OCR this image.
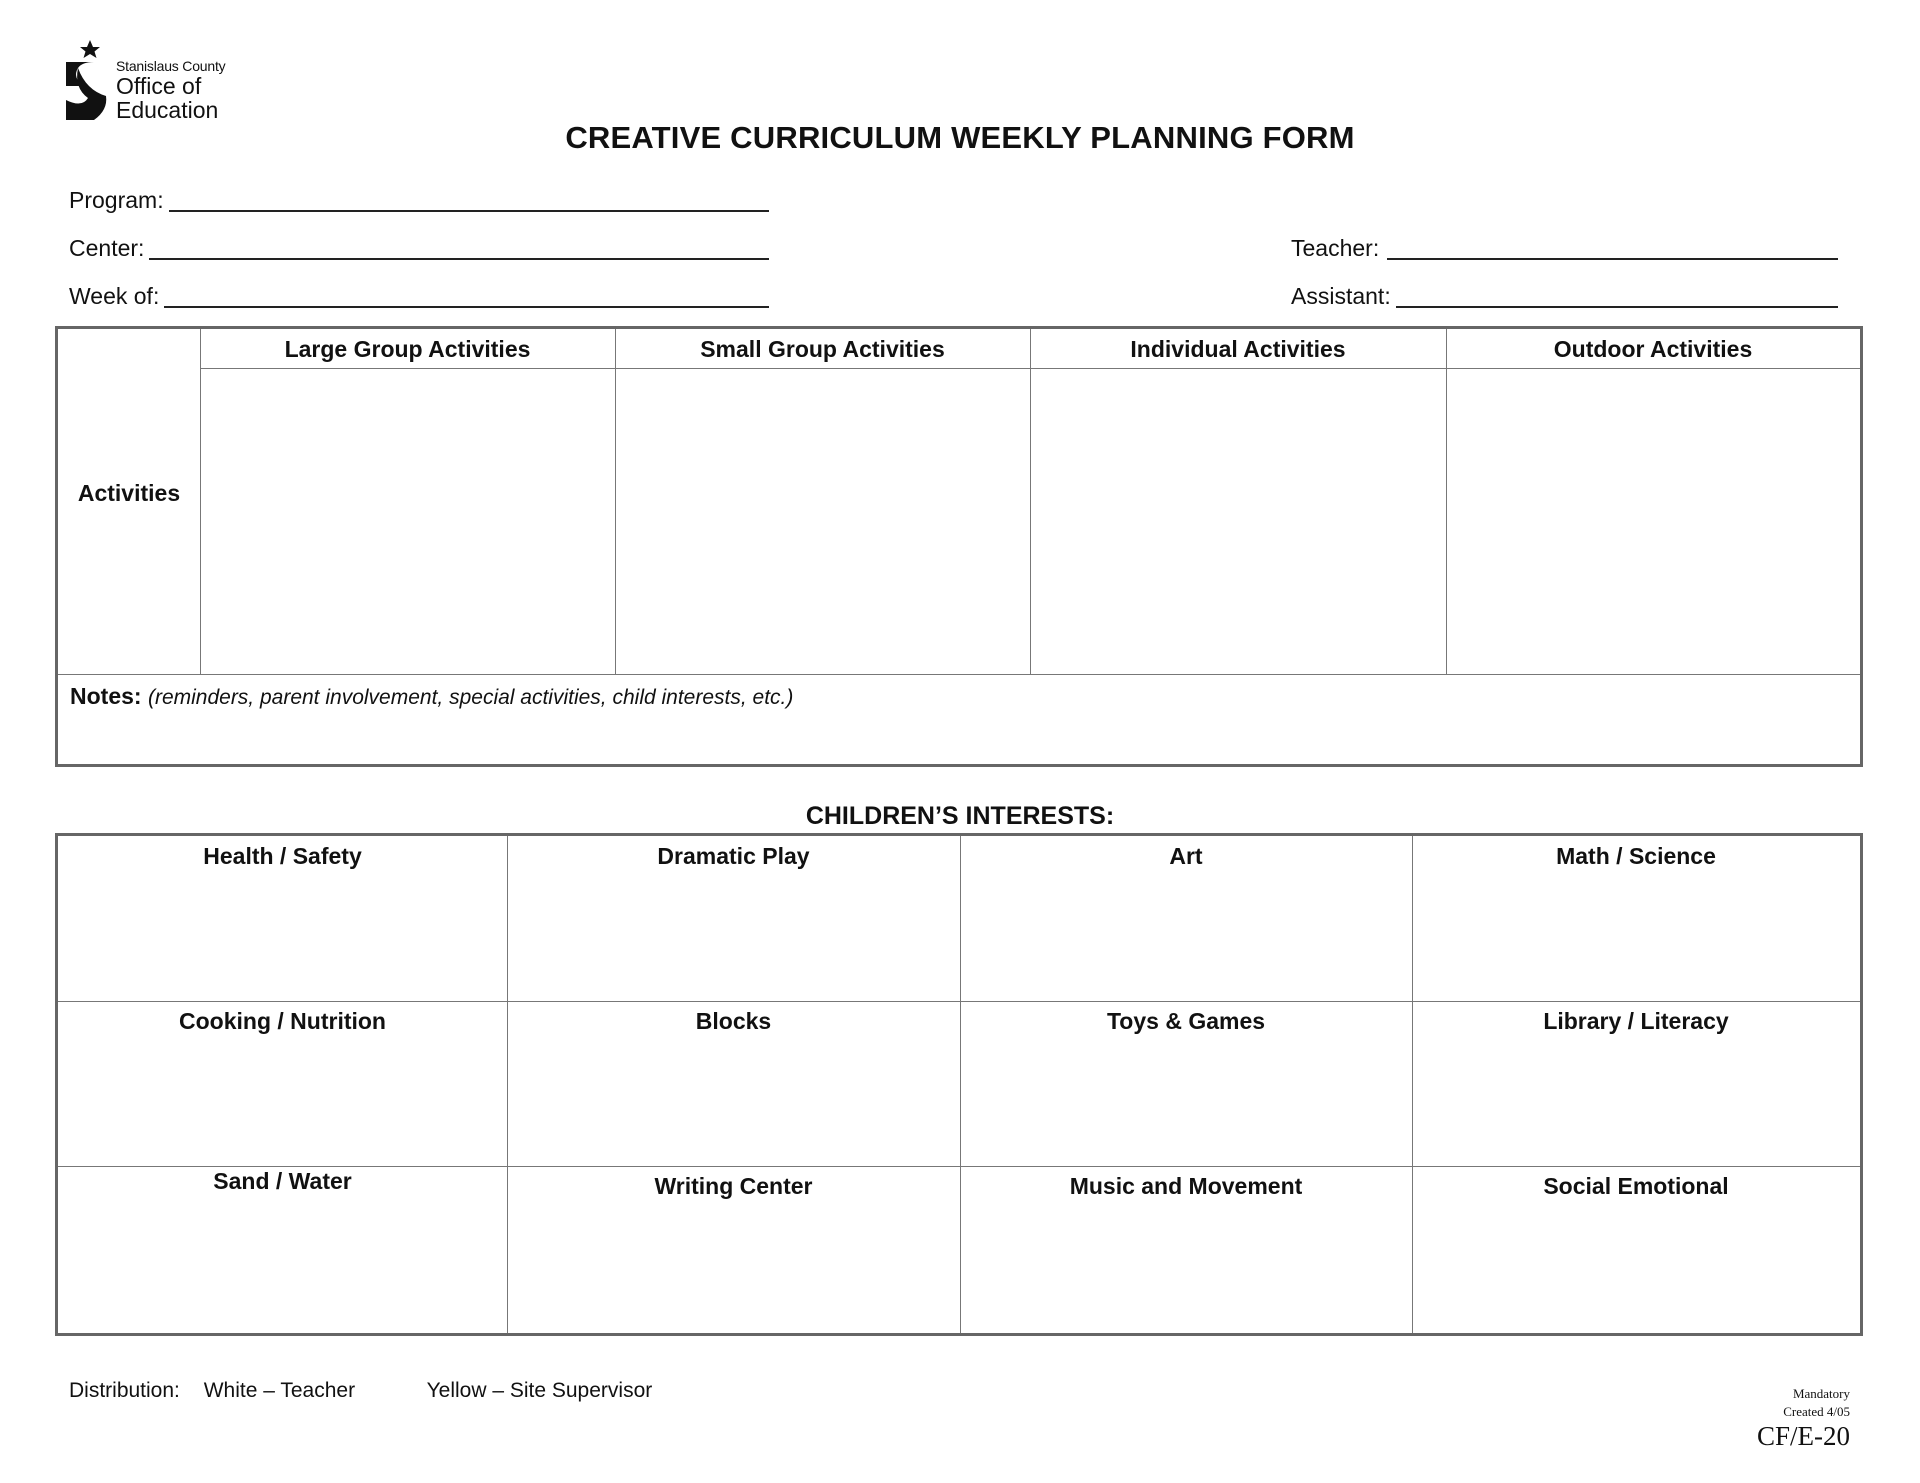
Stanislaus County
Office of
Education
CREATIVE CURRICULUM WEEKLY PLANNING FORM
Program:
Center:
Week of:
Teacher:
Assistant:
Large Group Activities	Small Group Activities	Individual Activities	Outdoor Activities
Activities
Notes: (reminders, parent involvement, special activities, child interests, etc.)
CHILDREN’S INTERESTS:
Health / Safety	Dramatic Play	Art	Math / Science
Cooking / Nutrition	Blocks	Toys & Games	Library / Literacy
Sand / Water	Writing Center	Music and Movement	Social Emotional
Distribution: White – Teacher	Yellow – Site Supervisor	Mandatory
Created 4/05
CF/E-20
